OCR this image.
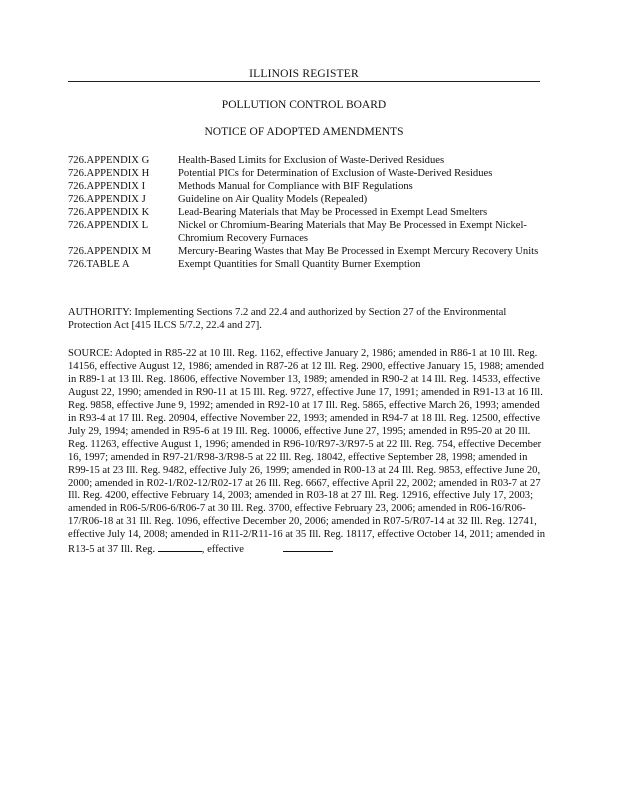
ILLINOIS REGISTER
POLLUTION CONTROL BOARD
NOTICE OF ADOPTED AMENDMENTS
726.APPENDIX G	Health-Based Limits for Exclusion of Waste-Derived Residues
726.APPENDIX H	Potential PICs for Determination of Exclusion of Waste-Derived Residues
726.APPENDIX I	Methods Manual for Compliance with BIF Regulations
726.APPENDIX J	Guideline on Air Quality Models (Repealed)
726.APPENDIX K	Lead-Bearing Materials that May be Processed in Exempt Lead Smelters
726.APPENDIX L	Nickel or Chromium-Bearing Materials that May Be Processed in Exempt Nickel-Chromium Recovery Furnaces
726.APPENDIX M	Mercury-Bearing Wastes that May Be Processed in Exempt Mercury Recovery Units
726.TABLE A	Exempt Quantities for Small Quantity Burner Exemption
AUTHORITY: Implementing Sections 7.2 and 22.4 and authorized by Section 27 of the Environmental Protection Act [415 ILCS 5/7.2, 22.4 and 27].
SOURCE: Adopted in R85-22 at 10 Ill. Reg. 1162, effective January 2, 1986; amended in R86-1 at 10 Ill. Reg. 14156, effective August 12, 1986; amended in R87-26 at 12 Ill. Reg. 2900, effective January 15, 1988; amended in R89-1 at 13 Ill. Reg. 18606, effective November 13, 1989; amended in R90-2 at 14 Ill. Reg. 14533, effective August 22, 1990; amended in R90-11 at 15 Ill. Reg. 9727, effective June 17, 1991; amended in R91-13 at 16 Ill. Reg. 9858, effective June 9, 1992; amended in R92-10 at 17 Ill. Reg. 5865, effective March 26, 1993; amended in R93-4 at 17 Ill. Reg. 20904, effective November 22, 1993; amended in R94-7 at 18 Ill. Reg. 12500, effective July 29, 1994; amended in R95-6 at 19 Ill. Reg. 10006, effective June 27, 1995; amended in R95-20 at 20 Ill. Reg. 11263, effective August 1, 1996; amended in R96-10/R97-3/R97-5 at 22 Ill. Reg. 754, effective December 16, 1997; amended in R97-21/R98-3/R98-5 at 22 Ill. Reg. 18042, effective September 28, 1998; amended in R99-15 at 23 Ill. Reg. 9482, effective July 26, 1999; amended in R00-13 at 24 Ill. Reg. 9853, effective June 20, 2000; amended in R02-1/R02-12/R02-17 at 26 Ill. Reg. 6667, effective April 22, 2002; amended in R03-7 at 27 Ill. Reg. 4200, effective February 14, 2003; amended in R03-18 at 27 Ill. Reg. 12916, effective July 17, 2003; amended in R06-5/R06-6/R06-7 at 30 Ill. Reg. 3700, effective February 23, 2006; amended in R06-16/R06-17/R06-18 at 31 Ill. Reg. 1096, effective December 20, 2006; amended in R07-5/R07-14 at 32 Ill. Reg. 12741, effective July 14, 2008; amended in R11-2/R11-16 at 35 Ill. Reg. 18117, effective October 14, 2011; amended in R13-5 at 37 Ill. Reg.	, effective
